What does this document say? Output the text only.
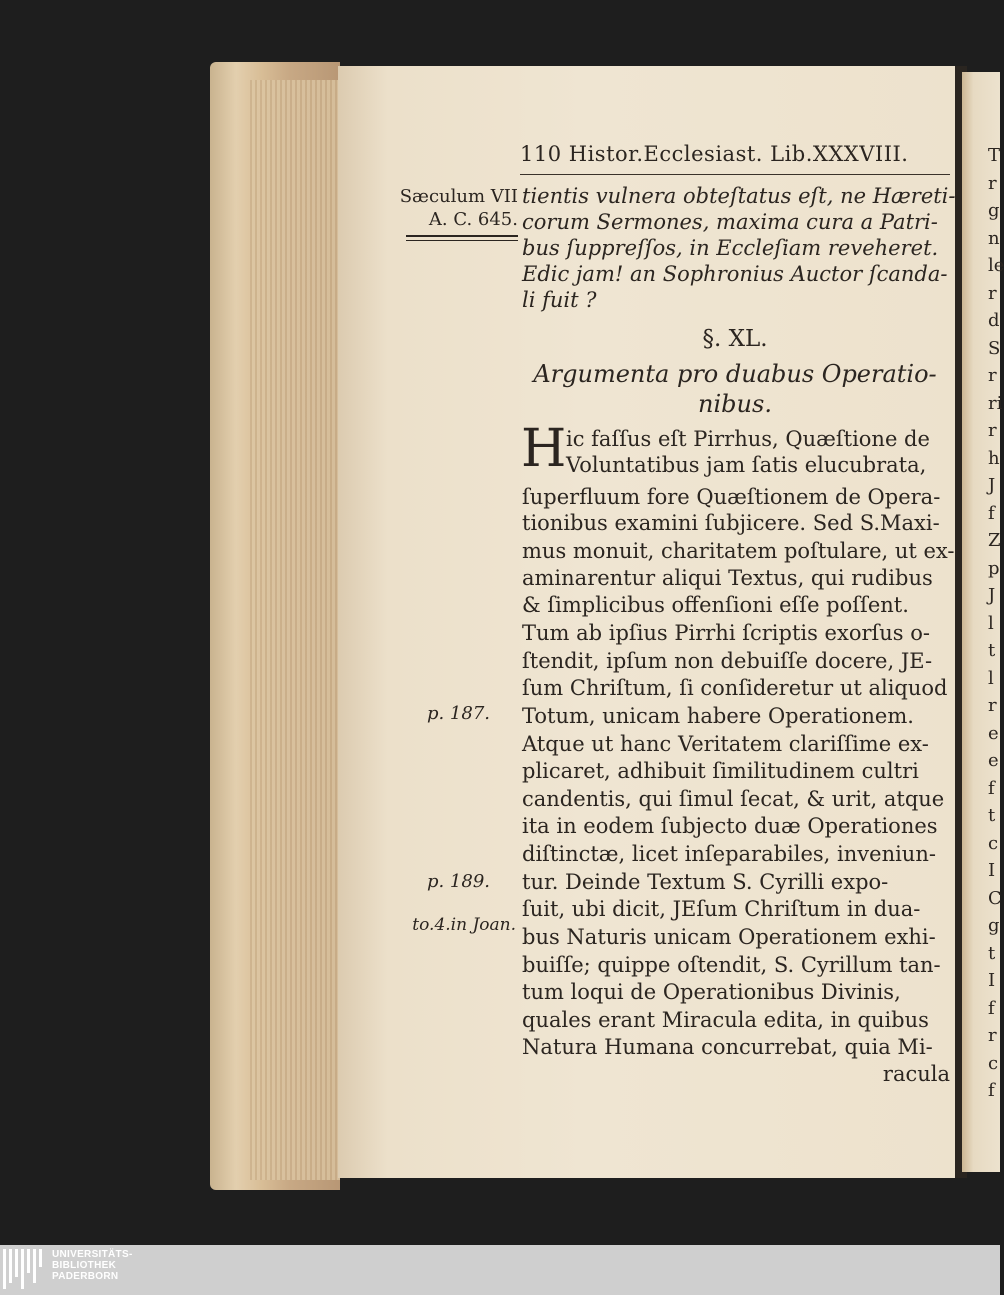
110 Histor.Ecclesiast. Lib.XXXVIII.
Sæculum VII
A. C. 645.
p. 187.
p. 189.
to.4.in Joan.
tientis vulnera obteſtatus eſt, ne Hæreti-
corum Sermones, maxima cura a Patri-
bus ſuppreſſos, in Eccleſiam reveheret.
Edic jam! an Sophronius Auctor ſcanda-
li fuit ?
§. XL.
Argumenta pro duabus Operatio-
nibus.
H ic faſſus eſt Pirrhus, Quæſtione de
Voluntatibus jam ſatis elucubrata,
ſuperfluum fore Quæſtionem de Opera-
tionibus examini ſubjicere. Sed S.Maxi-
mus monuit, charitatem poſtulare, ut ex-
aminarentur aliqui Textus, qui rudibus
& ſimplicibus offenſioni eſſe poſſent.
Tum ab ipſius Pirrhi ſcriptis exorſus o-
ſtendit, ipſum non debuiſſe docere, JE-
ſum Chriſtum, ſi conſideretur ut aliquod
Totum, unicam habere Operationem.
Atque ut hanc Veritatem clariſſime ex-
plicaret, adhibuit ſimilitudinem cultri
candentis, qui ſimul ſecat, & urit, atque
ita in eodem ſubjecto duæ Operationes
diſtinctæ, licet inſeparabiles, inveniun-
tur. Deinde Textum S. Cyrilli expo-
ſuit, ubi dicit, JEſum Chriſtum in dua-
bus Naturis unicam Operationem exhi-
buiſſe; quippe oſtendit, S. Cyrillum tan-
tum loqui de Operationibus Divinis,
quales erant Miracula edita, in quibus
Natura Humana concurrebat, quia Mi-
racula
T
r
g
n
le
r
d
S
r
ri
r
h
J
f
Z
p
J
l
t
l
r
e
e
f
t
c
I
C
g
t
I
f
r
c
f
UNIVERSITÄTS-
BIBLIOTHEK
PADERBORN
